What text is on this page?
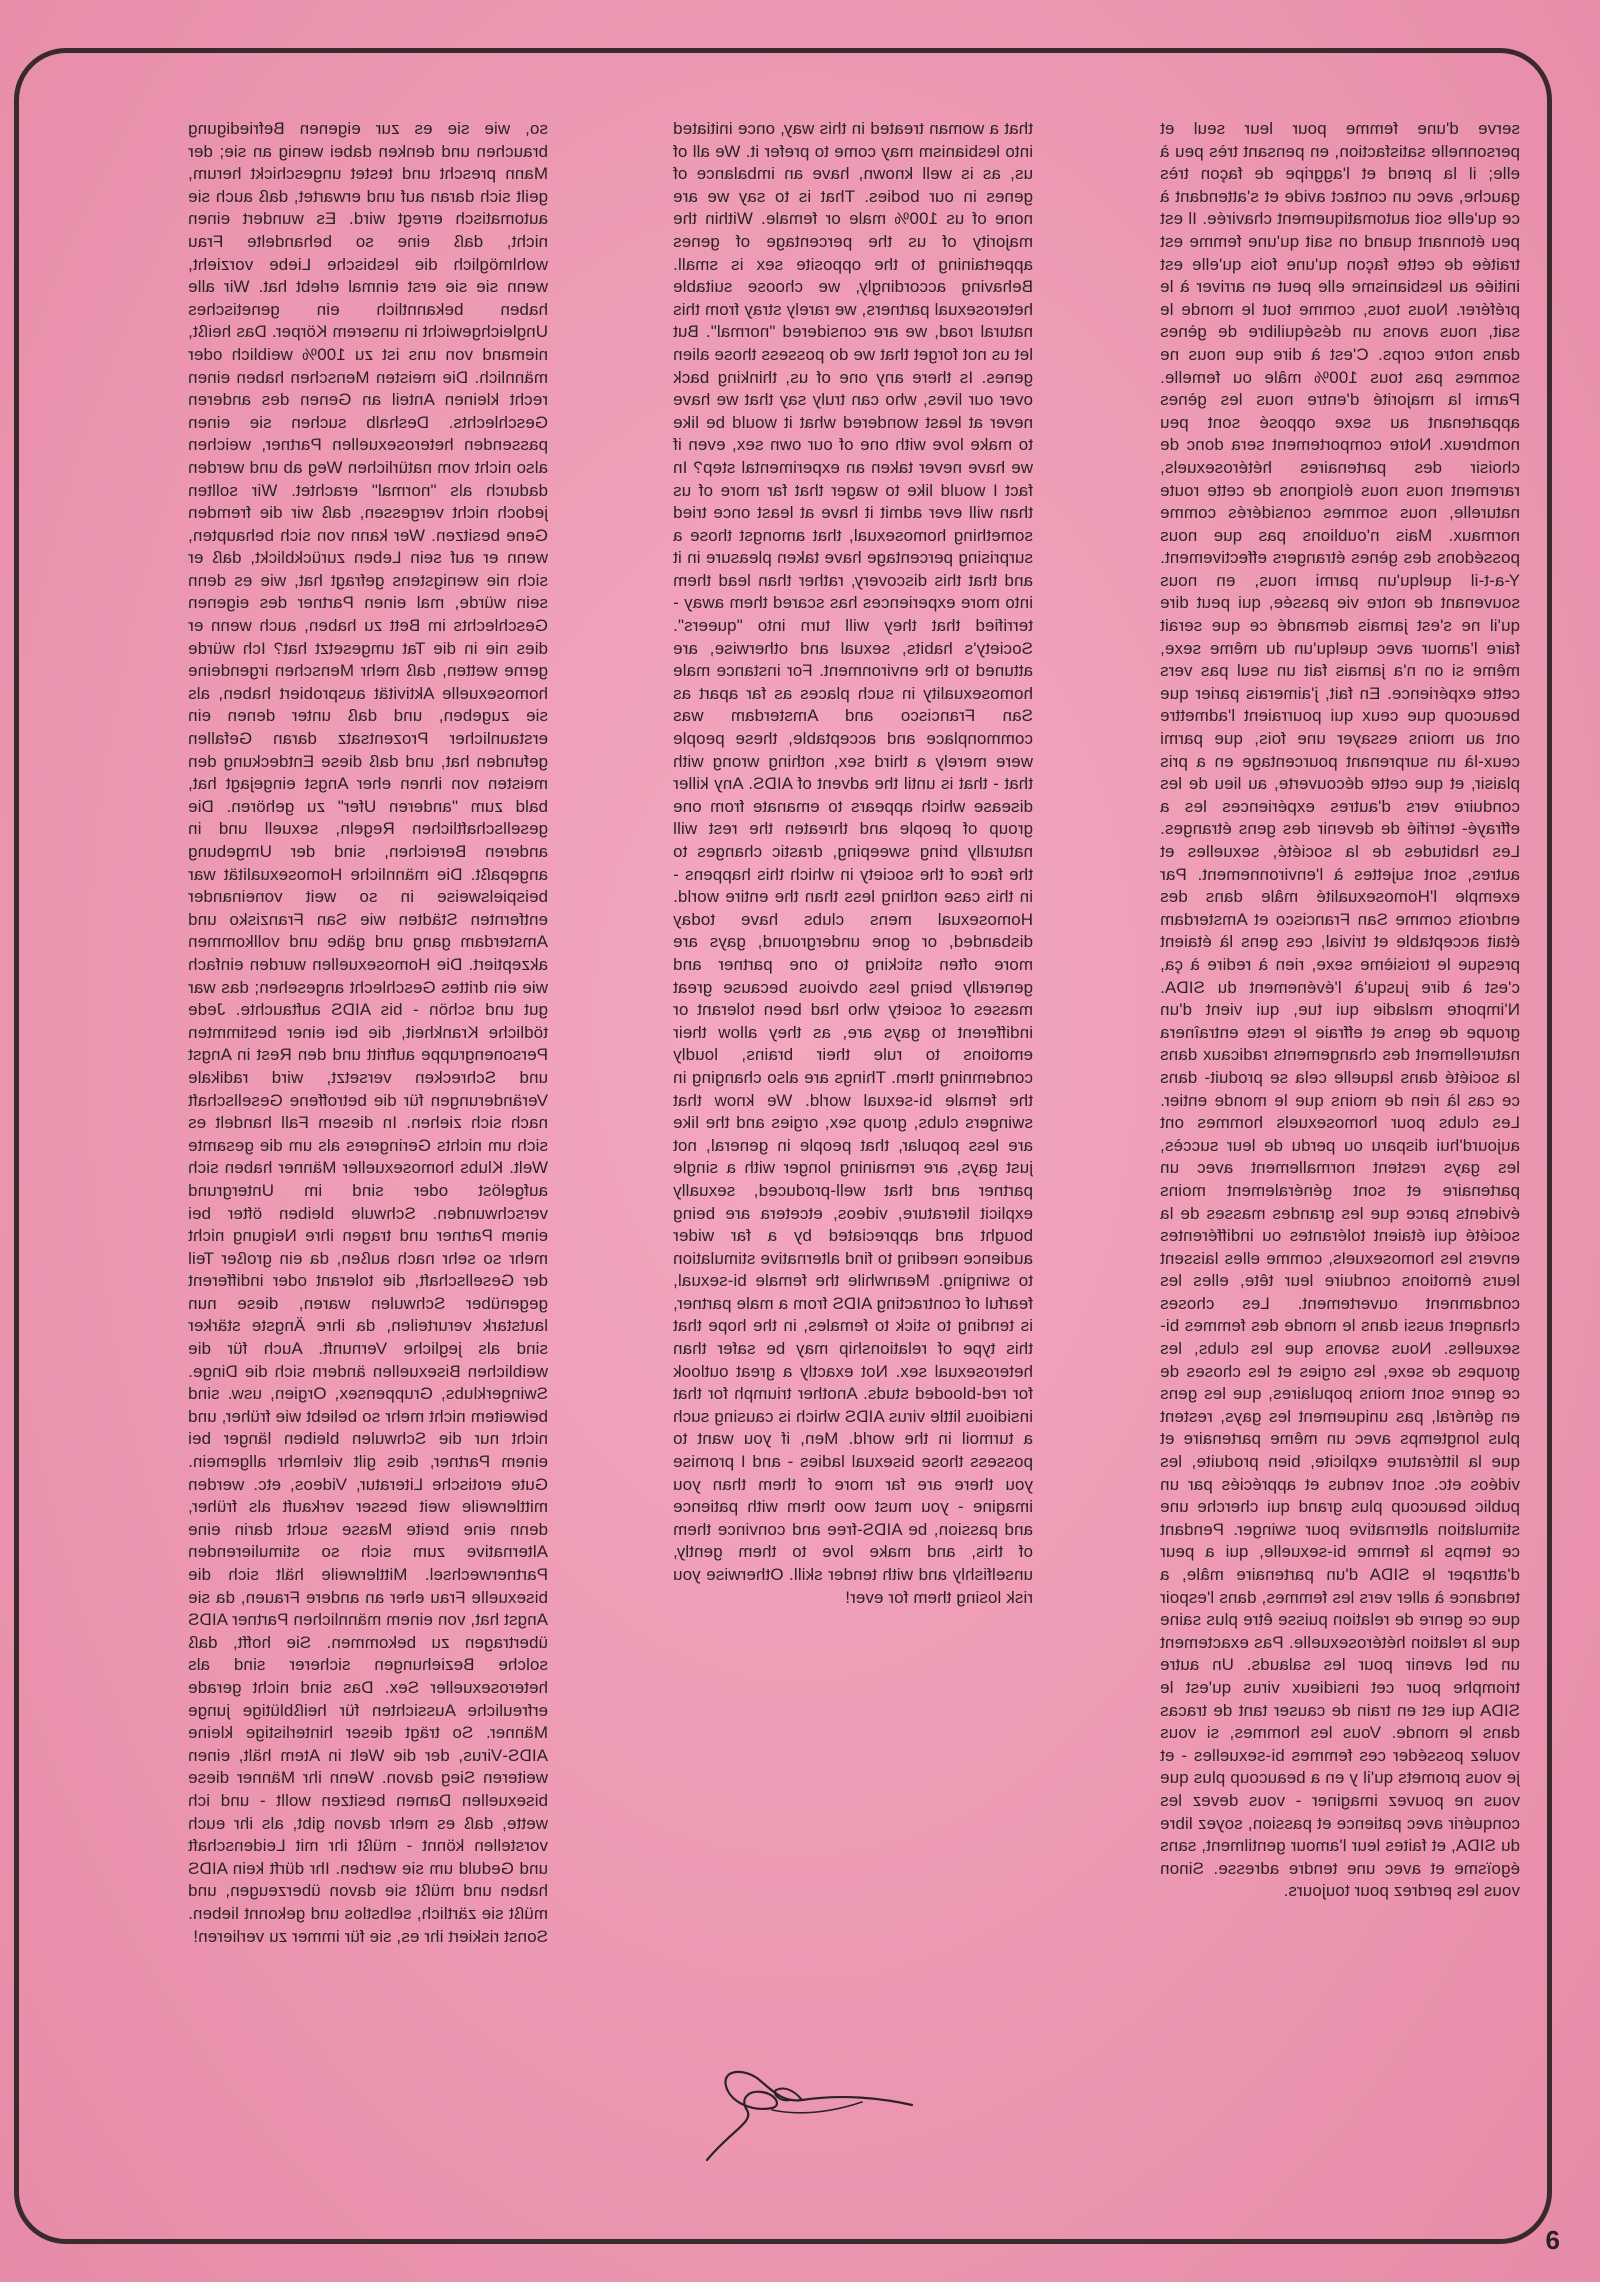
so, wie sie es zur eigenen Befriedigung brauchen und denken dabei wenig an sie; der Mann prescht und testet ungeschickt herum, geilt sich daran auf und erwartet, daß auch sie automatisch erregt wird. Es wundert einen nicht, daß eine so behandelte Frau wohlmöglich die lesbische Liebe vorzieht, wenn sie sie erst einmal erlebt hat. Wir alle haben bekanntlich ein genetisches Ungleichgewicht in unserem Körper. Das heißt, niemand von uns ist zu 100% weiblich oder männlich. Die meisten Menschen haben einen recht kleinen Anteil an Genen des anderen Geschlechts. Deshalb suchen sie einen passenden heterosexuellen Partner, weichen also nicht vom natürlichen Weg ab und werden dadurch als "normal" erachtet. Wir sollten jedoch nicht vergessen, daß wir die fremden Gene besitzen. Wer kann von sich behaupten, wenn er auf sein Leben zurückblickt, daß er sich nie wenigstens gefragt hat, wie es denn sein würde, mal einen Partner des eigenen Geschlechts im Bett zu haben, auch wenn er dies nie in die Tat umgesetzt hat? Ich würde gerne wetten, daß mehr Menschen irgendeine homosexuelle Aktivität ausprobiert haben, als sie zugeben, und daß unter denen ein erstaunlicher Prozentsatz daran Gefallen gefunden hat, und daß diese Entdeckung den meisten von ihnen eher Angst eingejagt hat, bald zum "anderen Ufer" zu gehören. Die gesellschaftlichen Regeln, sexuell und in anderen Bereichen, sind der Umgebung angepaßt. Die männliche Homosexualität war beispielsweise in so weit voneinander entfernten Städten wie San Franzisko und Amsterdam gang und gäbe und vollkommen akzeptiert. Die Homosexuellen wurden einfach wie ein drittes Geschlecht angesehen; das war gut und schön - bis AIDS auftauchte. Jede tödliche Krankheit, die bei einer bestimmten Personengruppe auftritt und den Rest in Angst und Schrecken versetzt, wird radikale Veränderungen für die betroffene Gesellschaft nach sich ziehen. In diesem Fall handelt es sich um nichts Geringeres als um die gesamte Welt. Klubs homosexueller Männer haben sich aufgelöst oder sind im Untergrund verschwunden. Schwule bleiben öfter bei einem Partner und tragen ihre Neigung nicht mehr so sehr nach außen, da ein großer Teil der Gesellschaft, die tolerant oder indifferent gegenüber Schwulen waren, diese nun lautstark verurteilen, da ihre Ängste stärker sind als jegliche Vernunft. Auch für die weiblichen Bisexuellen ändern sich die Dinge. Swingerklubs, Gruppensex, Orgien, usw. sind beiweitem nicht mehr so beliebt wie früher, und nicht nur die Schwulen bleiben länger bei einem Partner, dies gilt vielmehr allgemein. Gute erotische Literatur, Videos, etc. werden mittlerweile weit besser verkauft als früher, denn eine breite Masse sucht darin eine Alternative zum sich so stimulierenden Partnerwechsel. Mittlerweile hält sich die bisexuelle Frau eher an andere Frauen, da sie Angst hat, von einem männlichen Partner AIDS übertragen zu bekommen. Sie hofft, daß solche Beziehungen sicherer sind als heterosexueller Sex. Das sind nicht gerade erfreuliche Aussichten für heißblütige junge Männer. So trägt dieser hinterlistige kleine AIDS-Virus, der die Welt in Atem hält, einen weiteren Sieg davon. Wenn ihr Männer diese bisexuellen Damen besitzen wollt - und ich wette, daß es mehr davon gibt, als ihr euch vorstellen könnt - müßt ihr mit Leidenschaft und Geduld um sie werben. Ihr dürft kein AIDS haben und müßt sie davon überzeugen, und müßt sie zärtlich, selbstlos und gekonnt lieben. Sonst riskiert ihr es, sie für immer zu verlieren!

that a woman treated in this way, once initiated into lesbianism may come to prefer it. We all of us, as is well known, have an imbalance of genes in our bodies. That is to say we are none of us 100% male or female. Within the majority of us the percentage of genes appertaining to the opposite sex is small. Behaving accordingly, we choose suitable heterosexual partners, we rarely stray from this natural road, we are considered "normal". But let us not forget that we do possess those alien genes. Is there any one of us, thinking back over our lives, who can truly say that we have never at least wondered what it would be like to make love with one of our own sex, even if we have never taken an experimental step? In fact I would like to wager that far more of us than will ever admit it have at least once tried something homosexual, that amongst those a surprising percentage have taken pleasure in it and that this discovery, rather than lead them into more experiences has scared them away - terrified that they will turn into "queers". Society's habits, sexual and otherwise, are attuned to the environment. For instance male homosexuality in such places as far apart as San Francisco and Amsterdam was commonplace and acceptable, these people were merely a third sex, nothing wrong with that - that is until the advent of AIDS. Any killer disease which appears to emanate from one group of people and threaten the rest will naturally bring sweeping, drastic changes to the face of the society in which this happens - in this case nothing less than the entire world. Homosexual mens clubs have today disbanded, or gone underground, gays are more often sticking to one partner and generally being less obvious because great masses of society who had been tolerant or indifferent to gays are, as they allow their emotions to rule their brains, loudly condemning them. Things are also changing in the female bi-sexual world. We know that swingers clubs, group sex, orgies and the like are less popular, that people in general, not just gays, are remaining longer with a single partner and that well-produced, sexually explicit literature, videos, etcetera are being bought and appreciated by a far wider audience needing to find alternative stimulation to swinging. Meanwhile the female bi-sexual, fearful of contracting AIDS from a male partner, is tending to stick to females, in the hope that this type of relationship may be safer than heterosexual sex. Not exactly a great outlook for red-blooded studs. Another triumph for that insidious little virus AIDS which is causing such a turmoil in the world. Men, if you want to possess those bisexual ladies - and I promise you there are far more of them than you imagine - you must woo them with patience and passion, be AIDS-free and convince them of this, and make love to them gently, unselfishly and with tender skill. Otherwise you risk losing them for ever!

serve d'une femme pour leur seul et personnelle satisfaction, en pensant très peu à elle; il la prend et l'aggripe de façon très gauche, avec un contact avide et s'attendant à ce qu'elle soit automatiquement chavirée. Il est peu étonnant quand on sait qu'une femme est traitée de cette façon qu'une fois qu'elle est initiée au lesbianisme elle peut en arriver à le préférer. Nous tous, comme tout le monde le sait, nous avons un déséquilibre de gènes dans notre corps. C'est à dire que nous ne sommes pas tous 100% mâle ou femelle. Parmi la majorité d'entre nous les gènes appartenant au sexe opposé sont peu nombreux. Notre comportement sera donc de choisir des partenaires hétérosexuels, rarement nous nous éloignons de cette route naturelle, nous sommes considérés comme normaux. Mais n'oublions pas que nous possédons des gènes étrangers effectivement. Y-a-t-il quelqu'un parmi nous, en nous souvenant de notre vie passée, qui peut dire qu'il ne s'est jamais demandé ce que serait faire l'amour avec quelqu'un du même sexe, même si on n'a jamais fait un seul pas vers cette expérience. En fait, j'aimerais parier que beaucoup que ceux qui pourraient l'admettre ont au moins essayer une fois, que parmi ceux-là un surprenant pourcentage en a pris plaisir, et que cette découverte, au lieu de les conduire vers d'autres expériences les a effrayé- terrifié de devenir des gens étranges. Les habitudes de la société, sexuelles et autres, sont sujettes à l'environnement. Par exemple l'Homosexualité mâle dans des endroits comme San Francisco et Amsterdam était acceptable et trivial, ces gens là étaient presque le troisième sexe, rien à redire à ça, c'est à dire jusqu'à l'événement du SIDA. N'importe maladie qui tue, qui vient d'un groupe de gens et effraie le reste entraînera naturellement des changements radicaux dans la société dans laquelle cela se produit- dans ce cas là rien de moins que le monde entier. Les clubs pour homosexuels hommes ont aujourd'hui disparu ou perdu de leur succès, les gays restent normallement avec un partenaire et sont généralement moins évidents parce que les grandes masses de la société qui étaient tolérantes ou indifférentes envers les homosexuels, comme elles laissent leurs émotions conduire leur tête, elles les condamnent ouvertement. Les choses changent aussi dans le monde des femmes bi-sexuelles. Nous savons que les clubs, les groupes de sexe, les orgies et les choses de ce genre sont moins populaires, que les gens en général, pas uniquement les gays, restent plus longtemps avec un même partenaire et que la littérature explicite, bien produite, les vidéos etc. sont vendus et appréciés par un public beaucoup plus grand qui cherche une stimulation alternative pour swinger. Pendant ce temps la femme bi-sexuelle, qui a peur d'attraper le SIDA d'un partenaire mâle, a tendance à aller vers les femmes, dans l'espoir que ce genre de relation puisse être plus saine que la relation hétérosexuelle. Pas exactement un bel avenir pour les salauds. Un autre triomphe pour cet insidieux virus qu'est le SIDA qui est en train de causer tant de tracas dans le monde. Vous les hommes, si vous voulez posséder ces femmes bi-sexuelles - et je vous promets qu'il y en a beaucoup plus que vous ne pouvez imaginer - vous devez les conquérir avec patience et passion, soyez libre du SIDA, et faites leur l'amour gentilment, sans égoïsme et avec une tendre adresse. Sinon vous les perdrez pour toujours.

6
